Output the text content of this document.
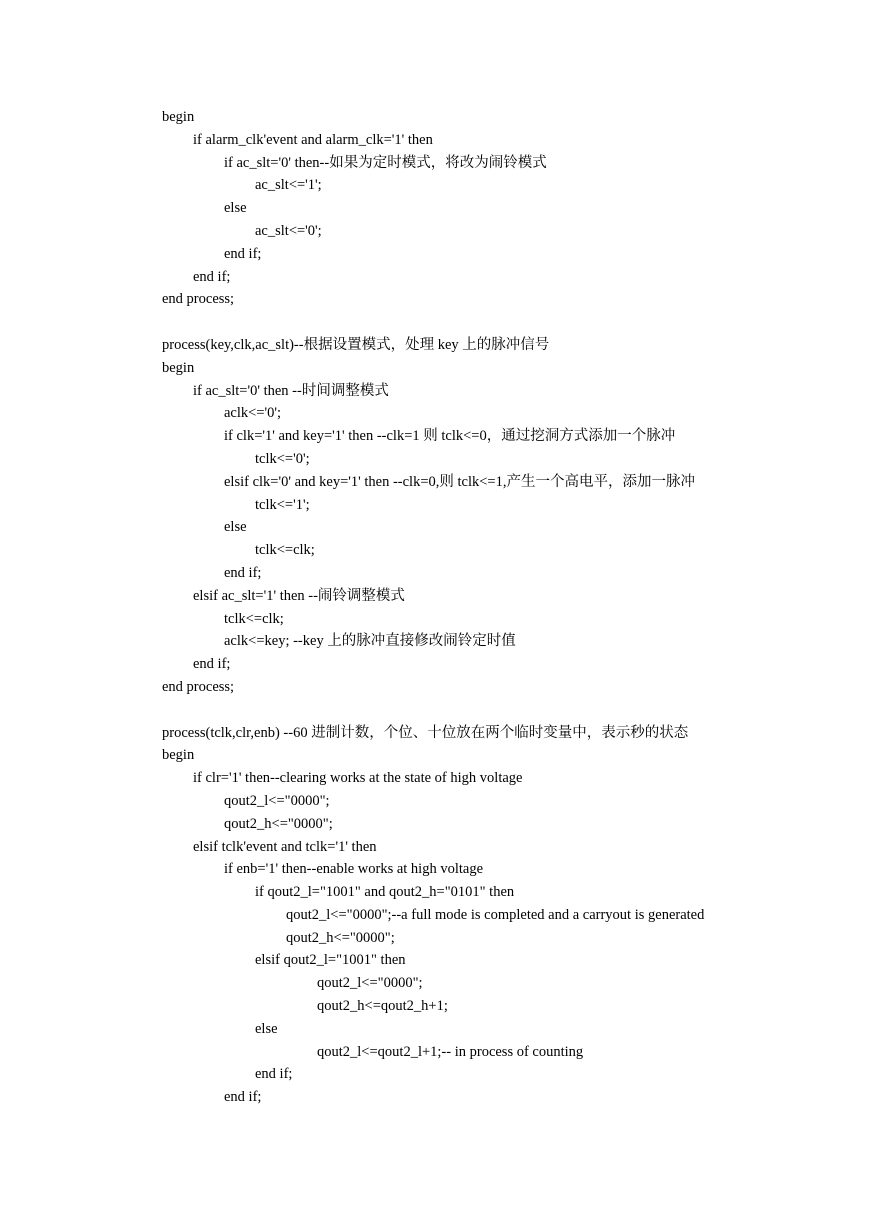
begin
if alarm_clk'event and alarm_clk='1' then
if ac_slt='0' then--如果为定时模式，将改为闹铃模式
ac_slt<='1';
else
ac_slt<='0';
end if;
end if;
end process;
process(key,clk,ac_slt)--根据设置模式，处理 key 上的脉冲信号
begin
if ac_slt='0' then --时间调整模式
aclk<='0';
if clk='1' and key='1' then --clk=1 则 tclk<=0，通过挖洞方式添加一个脉冲
tclk<='0';
elsif clk='0' and key='1' then --clk=0,则 tclk<=1,产生一个高电平，添加一脉冲
tclk<='1';
else
tclk<=clk;
end if;
elsif ac_slt='1' then --闹铃调整模式
tclk<=clk;
aclk<=key; --key 上的脉冲直接修改闹铃定时值
end if;
end process;
process(tclk,clr,enb) --60 进制计数，个位、十位放在两个临时变量中，表示秒的状态
begin
if clr='1' then--clearing works at the state of high voltage
qout2_l<="0000";
qout2_h<="0000";
elsif tclk'event and tclk='1' then
if enb='1' then--enable works at high voltage
if qout2_l="1001" and qout2_h="0101" then
qout2_l<="0000";--a full mode is completed and a carryout is generated
qout2_h<="0000";
elsif qout2_l="1001" then
qout2_l<="0000";
qout2_h<=qout2_h+1;
else
qout2_l<=qout2_l+1;-- in process of counting
end if;
end if;
